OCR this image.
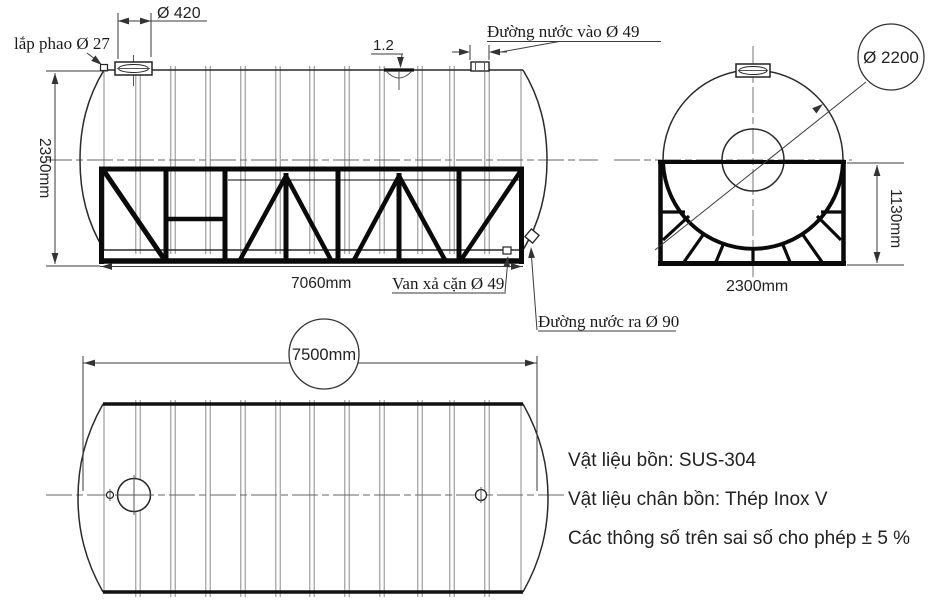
Ø 420
lắp phao Ø 27
2350mm
1.2
Đường nước vào Ø 49
7060mm Van xả cặn Ø 49
Đường nước ra Ø 90
Ø 2200
1130mm
2300mm
7500mm
Vật liệu bồn: SUS-304
Vật liệu chân bồn: Thép Inox V
Các thông số trên sai số cho phép ± 5 %
